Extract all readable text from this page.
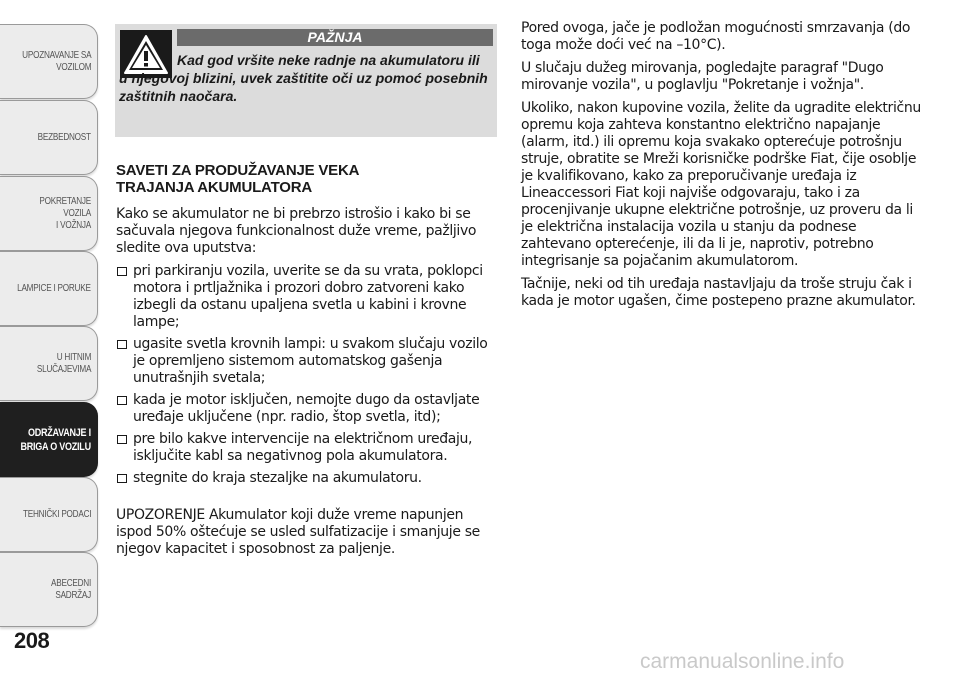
UPOZNAVANJE SA
VOZILOM
BEZBEDNOST
POKRETANJE VOZILA
I VOŽNJA
LAMPICE I PORUKE
U HITNIM
SLUČAJEVIMA
ODRŽAVANJE I
BRIGA O VOZILU
TEHNIČKI PODACI
ABECEDNI SADRŽAJ
208
PAŽNJA
Kad god vršite neke radnje na akumulatoru ili u njegovoj blizini, uvek zaštitite oči uz pomoć posebnih zaštitnih naočara.
SAVETI ZA PRODUŽAVANJE VEKA
TRAJANJA AKUMULATORA

Kako se akumulator ne bi prebrzo istrošio i kako bi se sačuvala njegova funkcionalnost duže vreme, pažljivo sledite ova uputstva:

pri parkiranju vozila, uverite se da su vrata, poklopci motora i prtljažnika i prozori dobro zatvoreni kako izbegli da ostanu upaljena svetla u kabini i krovne lampe;
ugasite svetla krovnih lampi: u svakom slučaju vozilo je opremljeno sistemom automatskog gašenja unutrašnjih svetala;
kada je motor isključen, nemojte dugo da ostavljate uređaje uključene (npr. radio, štop svetla, itd);
pre bilo kakve intervencije na električnom uređaju, isključite kabl sa negativnog pola akumulatora.
stegnite do kraja stezaljke na akumulatoru.

UPOZORENJE Akumulator koji duže vreme napunjen ispod 50% oštećuje se usled sulfatizacije i smanjuje se njegov kapacitet i sposobnost za paljenje.

Pored ovoga, jače je podložan mogućnosti smrzavanja (do toga može doći već na –10°C).

U slučaju dužeg mirovanja, pogledajte paragraf "Dugo mirovanje vozila", u poglavlju "Pokretanje i vožnja".

Ukoliko, nakon kupovine vozila, želite da ugradite električnu opremu koja zahteva konstantno električno napajanje (alarm, itd.) ili opremu koja svakako opterećuje potrošnju struje, obratite se Mreži korisničke podrške Fiat, čije osoblje je kvalifikovano, kako za preporučivanje uređaja iz Lineaccessori Fiat koji najviše odgovaraju, tako i za procenjivanje ukupne električne potrošnje, uz proveru da li je električna instalacija vozila u stanju da podnese zahtevano opterećenje, ili da li je, naprotiv, potrebno integrisanje sa pojačanim akumulatorom.

Tačnije, neki od tih uređaja nastavljaju da troše struju čak i kada je motor ugašen, čime postepeno prazne akumulator.

carmanualsonline.info
